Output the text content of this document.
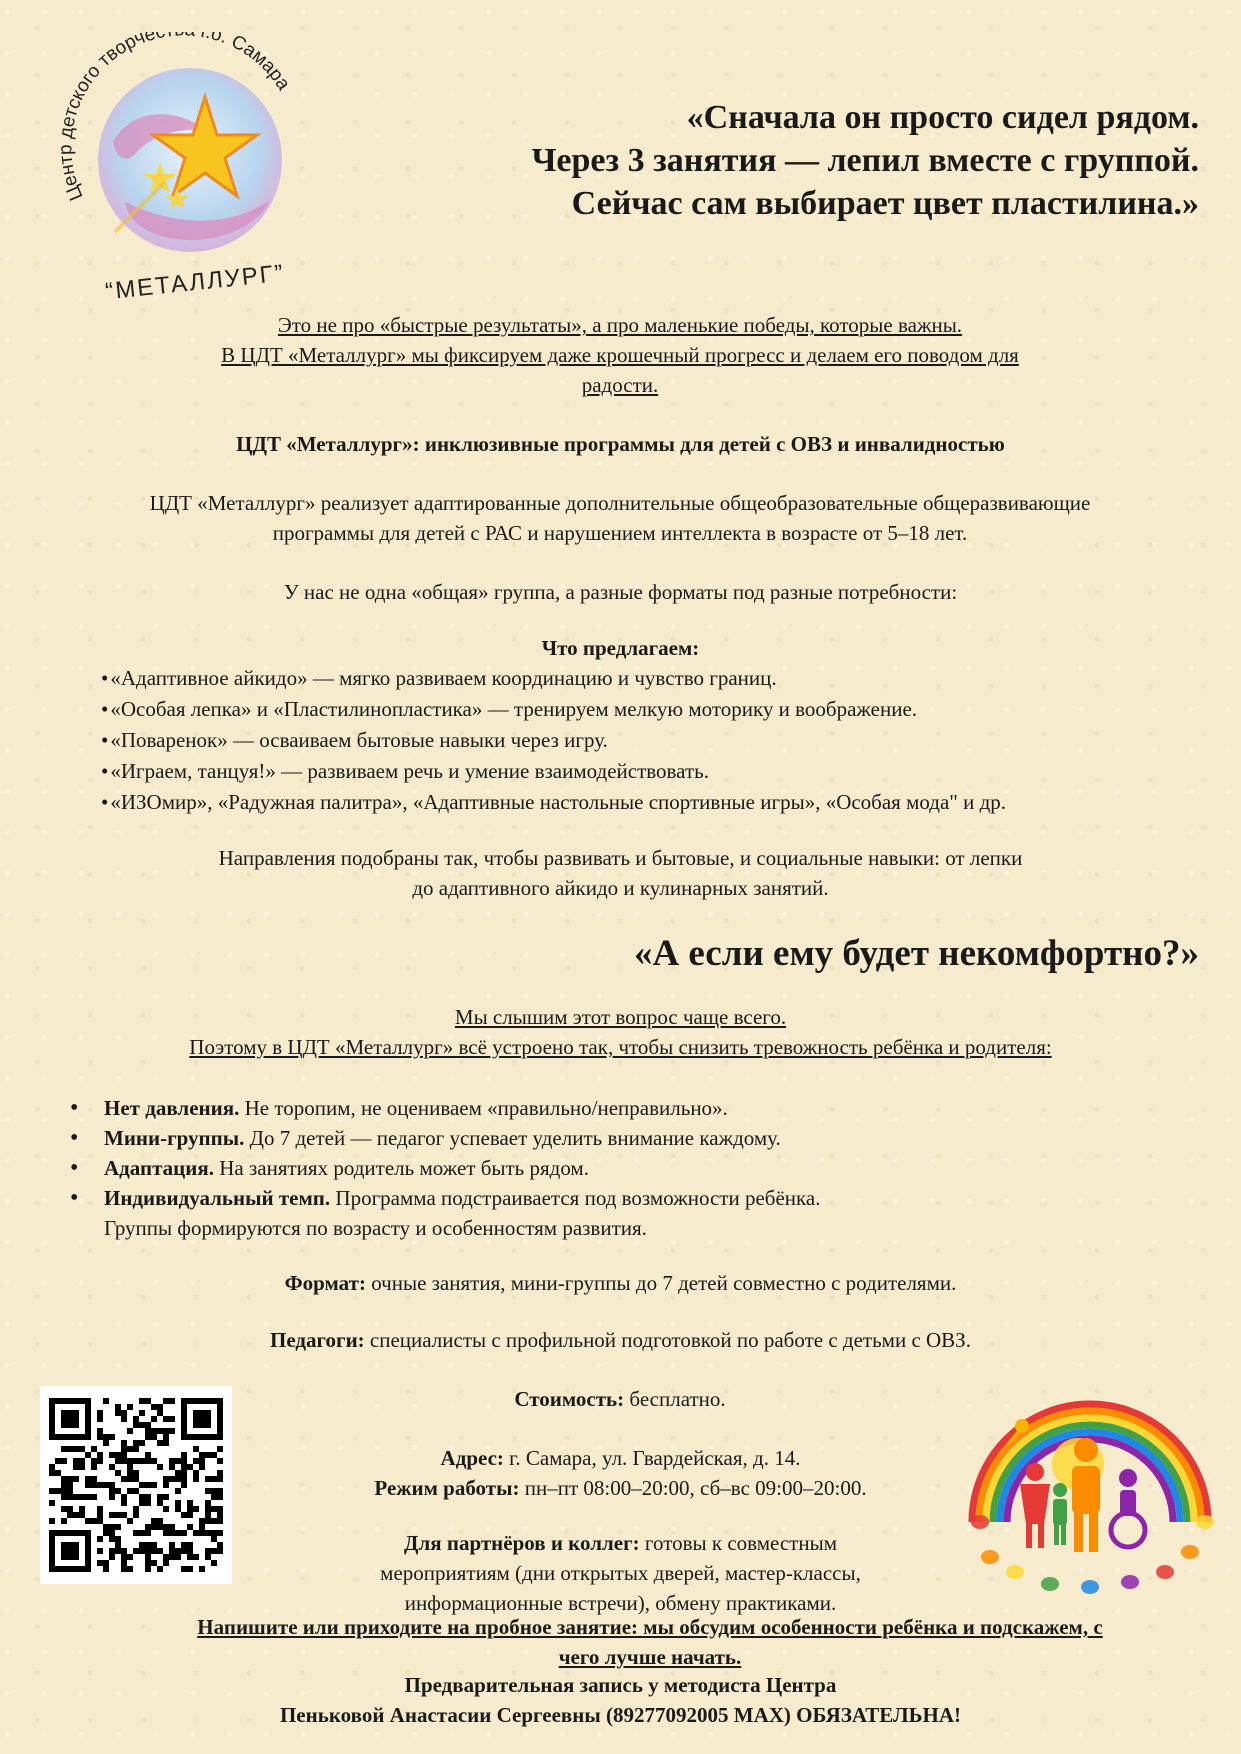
Центр детского творчес .о. Самара
“МЕТАЛЛУРГ”
«Сначала он просто сидел рядом.
Через 3 занятия — лепил вместе с группой.
Сейчас сам выбирает цвет пластилина.»
Это не про «быстрые результаты», а про маленькие победы, которые важны.
В ЦДТ «Металлург» мы фиксируем даже крошечный прогресс и делаем его поводом для
радости.
ЦДТ «Металлург»: инклюзивные программы для детей с ОВЗ и инвалидностью
ЦДТ «Металлург» реализует адаптированные дополнительные общеобразовательные общеразвивающие
программы для детей с РАС и нарушением интеллекта в возрасте от 5–18 лет.
У нас не одна «общая» группа, а разные форматы под разные потребности:
Что предлагаем:
• «Адаптивное айкидо» — мягко развиваем координацию и чувство границ.
• «Особая лепка» и «Пластилинопластика» — тренируем мелкую моторику и воображение.
• «Поваренок» — осваиваем бытовые навыки через игру.
• «Играем, танцуя!» — развиваем речь и умение взаимодействовать.
• «ИЗОмир», «Радужная палитра», «Адаптивные настольные спортивные игры», «Особая мода" и др.
Направления подобраны так, чтобы развивать и бытовые, и социальные навыки: от лепки
до адаптивного айкидо и кулинарных занятий.
«А если ему будет некомфортно?»
Мы слышим этот вопрос чаще всего.
Поэтому в ЦДТ «Металлург» всё устроено так, чтобы снизить тревожность ребёнка и родителя:
• Нет давления. Не торопим, не оцениваем «правильно/неправильно».
• Мини-группы. До 7 детей — педагог успевает уделить внимание каждому.
• Адаптация. На занятиях родитель может быть рядом.
• Индивидуальный темп. Программа подстраивается под возможности ребёнка.
Группы формируются по возрасту и особенностям развития.
Формат: очные занятия, мини-группы до 7 детей совместно с родителями.
Педагоги: специалисты с профильной подготовкой по работе с детьми с ОВЗ.
Стоимость: бесплатно.
Адрес: г. Самара, ул. Гвардейская, д. 14.
Режим работы: пн–пт 08:00–20:00, сб–вс 09:00–20:00.
Для партнёров и коллег: готовы к совместным
мероприятиям (дни открытых дверей, мастер-классы,
информационные встречи), обмену практиками.
Напишите или приходите на пробное занятие: мы обсудим особенности ребёнка и подскажем, с
чего лучше начать.
Предварительная запись у методиста Центра
Пеньковой Анастасии Сергеевны (89277092005 MAX) ОБЯЗАТЕЛЬНА!
